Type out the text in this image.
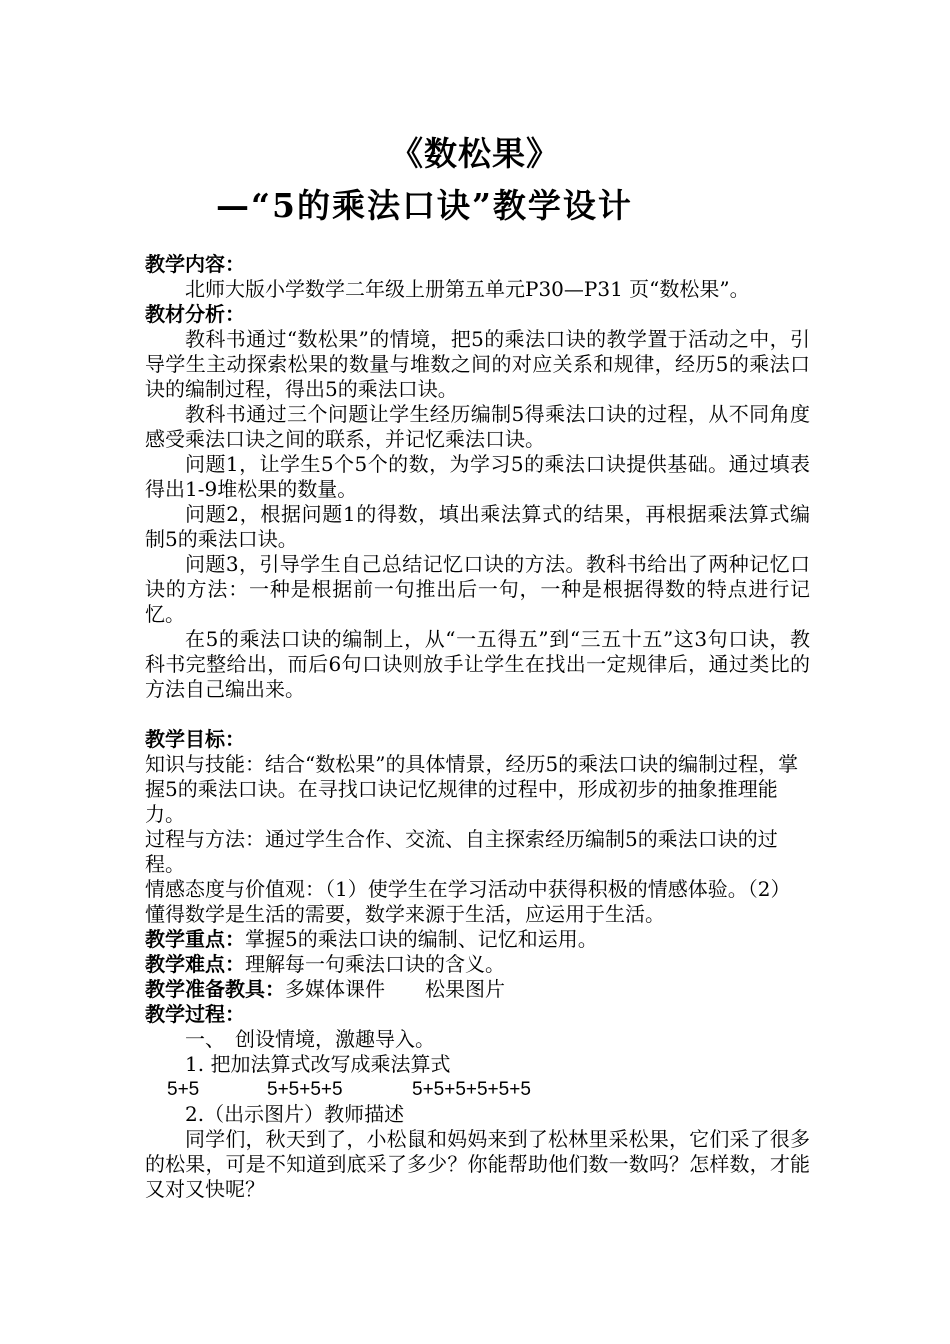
《数松果》
—“5的乘法口诀”教学设计

教学内容：

北师大版小学数学二年级上册第五单元P30—P31 页“数松果”。

教材分析：

教科书通过“数松果”的情境，把5的乘法口诀的教学置于活动之中，引导学生主动探索松果的数量与堆数之间的对应关系和规律，经历5的乘法口诀的编制过程，得出5的乘法口诀。

教科书通过三个问题让学生经历编制5得乘法口诀的过程，从不同角度感受乘法口诀之间的联系，并记忆乘法口诀。

问题1，让学生5个5个的数，为学习5的乘法口诀提供基础。通过填表得出1-9堆松果的数量。

问题2，根据问题1的得数，填出乘法算式的结果，再根据乘法算式编制5的乘法口诀。

问题3，引导学生自己总结记忆口诀的方法。教科书给出了两种记忆口诀的方法：一种是根据前一句推出后一句，一种是根据得数的特点进行记忆。

在5的乘法口诀的编制上，从“一五得五”到“三五十五”这3句口诀，教科书完整给出，而后6句口诀则放手让学生在找出一定规律后，通过类比的方法自己编出来。

教学目标：

知识与技能：结合“数松果”的具体情景，经历5的乘法口诀的编制过程，掌握5的乘法口诀。在寻找口诀记忆规律的过程中，形成初步的抽象推理能力。

过程与方法：通过学生合作、交流、自主探索经历编制5的乘法口诀的过程。

情感态度与价值观：（1）使学生在学习活动中获得积极的情感体验。（2）懂得数学是生活的需要，数学来源于生活，应运用于生活。

教学重点：掌握5的乘法口诀的编制、记忆和运用。

教学难点：理解每一句乘法口诀的含义。

教学准备教具：多媒体课件　　松果图片

教学过程：

一、　创设情境，激趣导入。

1. 把加法算式改写成乘法算式

5+5	5+5+5+5	5+5+5+5+5+5

2.（出示图片）教师描述

同学们，秋天到了，小松鼠和妈妈来到了松林里采松果，它们采了很多的松果，可是不知道到底采了多少？你能帮助他们数一数吗？怎样数，才能又对又快呢？
